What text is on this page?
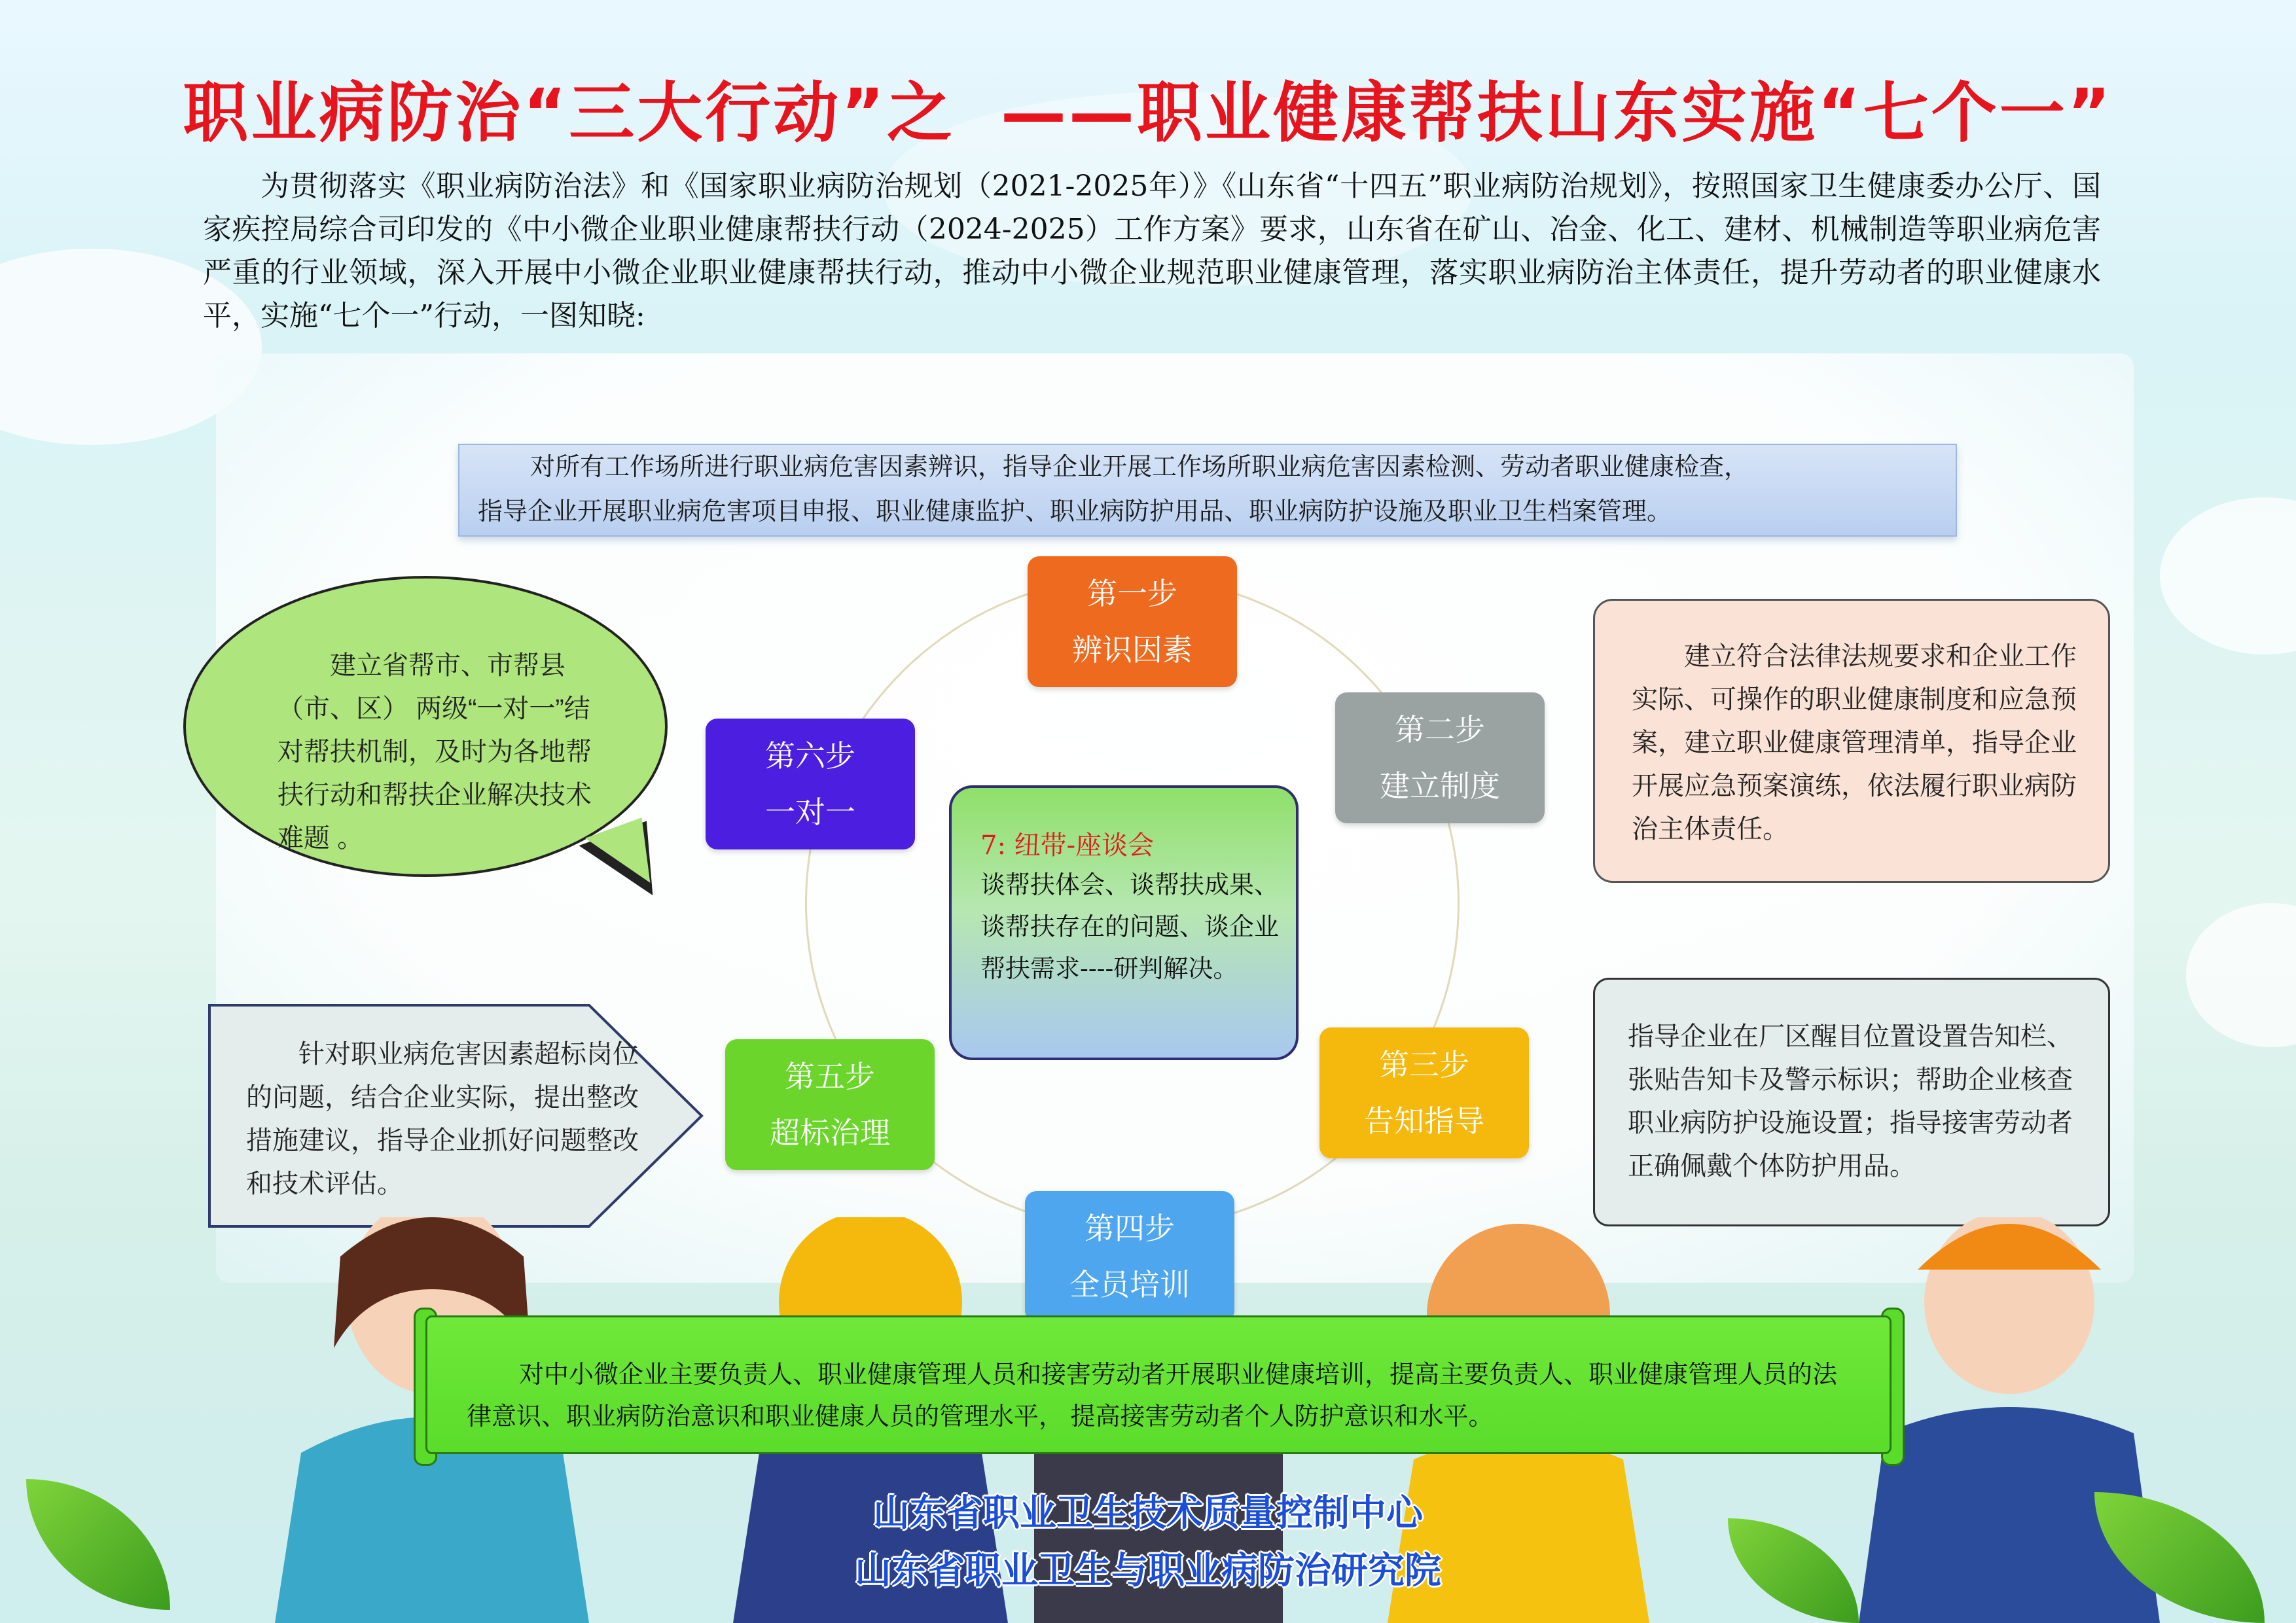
职业病防治“三大行动”之 ——职业健康帮扶山东实施“七个一”
为贯彻落实《职业病防治法》和《国家职业病防治规划（2021-2025年）》《山东省“十四五”职业病防治规划》，按照国家卫生健康委办公厅、国家疾控局综合司印发的《中小微企业职业健康帮扶行动（2024-2025）工作方案》要求，山东省在矿山、冶金、化工、建材、机械制造等职业病危害严重的行业领域，深入开展中小微企业职业健康帮扶行动，推动中小微企业规范职业健康管理，落实职业病防治主体责任，提升劳动者的职业健康水平，实施“七个一”行动，一图知晓:

对所有工作场所进行职业病危害因素辨识，指导企业开展工作场所职业病危害因素检测、劳动者职业健康检查，

指导企业开展职业病危害项目申报、职业健康监护、职业病防护用品、职业病防护设施及职业卫生档案管理。

第一步
辨识因素
第二步
建立制度
第三步
告知指导
第四步
全员培训
第五步
超标治理
第六步
一对一
7: 纽带-座谈会
谈帮扶体会、谈帮扶成果、谈帮扶存在的问题、谈企业帮扶需求----研判解决。
建立省帮市、市帮县（市、区） 两级“一对一”结对帮扶机制，及时为各地帮扶行动和帮扶企业解决技术难题 。
建立符合法律法规要求和企业工作实际、可操作的职业健康制度和应急预案，建立职业健康管理清单，指导企业开展应急预案演练，依法履行职业病防治主体责任。
指导企业在厂区醒目位置设置告知栏、张贴告知卡及警示标识；帮助企业核查职业病防护设施设置；指导接害劳动者正确佩戴个体防护用品。
针对职业病危害因素超标岗位的问题，结合企业实际，提出整改措施建议，指导企业抓好问题整改和技术评估。
对中小微企业主要负责人、职业健康管理人员和接害劳动者开展职业健康培训，提高主要负责人、职业健康管理人员的法律意识、职业病防治意识和职业健康人员的管理水平， 提高接害劳动者个人防护意识和水平。
山东省职业卫生技术质量控制中心
山东省职业卫生与职业病防治研究院
